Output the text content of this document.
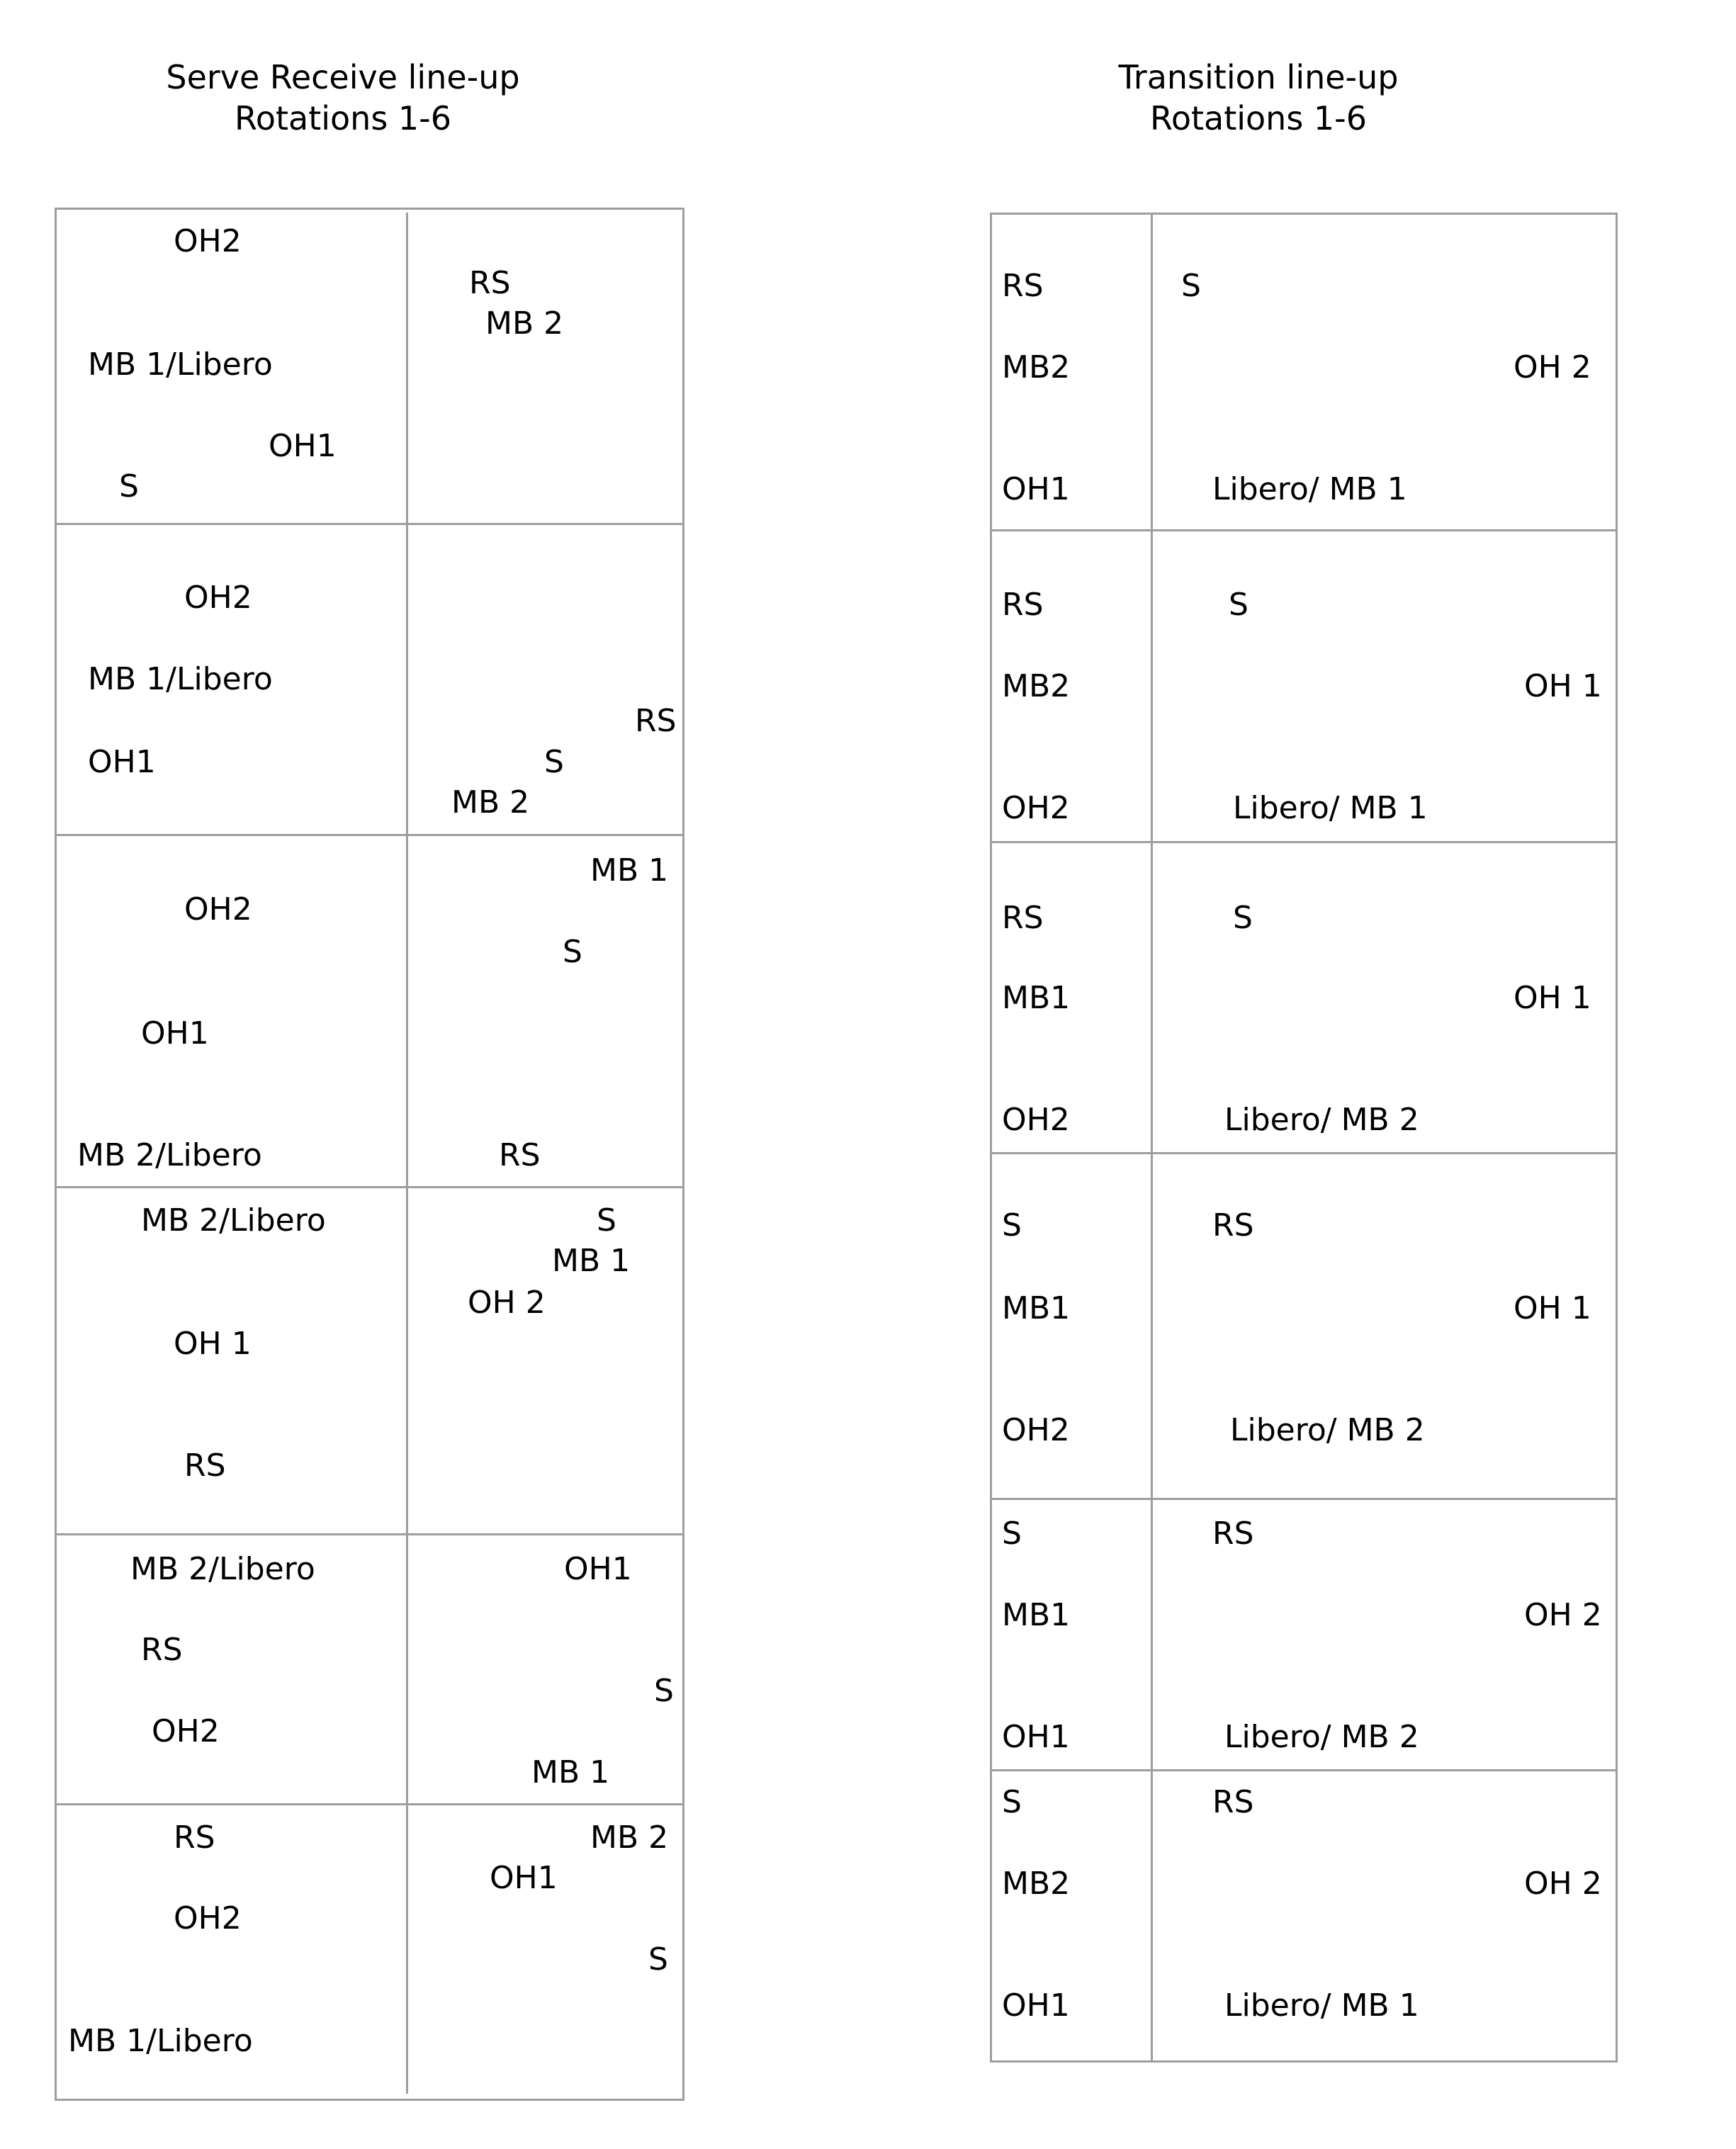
Serve Receive line-up
Rotations 1-6
Transition line-up
Rotations 1-6
OH2
MB 1/Libero
OH1
S
RS
MB 2
OH2
MB 1/Libero
OH1
RS
S
MB 2
OH2
OH1
MB 2/Libero
MB 1
S
RS
MB 2/Libero
OH 1
RS
S
MB 1
OH 2
MB 2/Libero
RS
OH2
OH1
S
MB 1
RS
OH2
MB 1/Libero
MB 2
OH1
S
RS
MB2
OH1
S
OH 2
Libero/ MB 1
RS
MB2
OH2
S
OH 1
Libero/ MB 1
RS
MB1
OH2
S
OH 1
Libero/ MB 2
S
MB1
OH2
RS
OH 1
Libero/ MB 2
S
MB1
OH1
RS
OH 2
Libero/ MB 2
S
MB2
OH1
RS
OH 2
Libero/ MB 1
